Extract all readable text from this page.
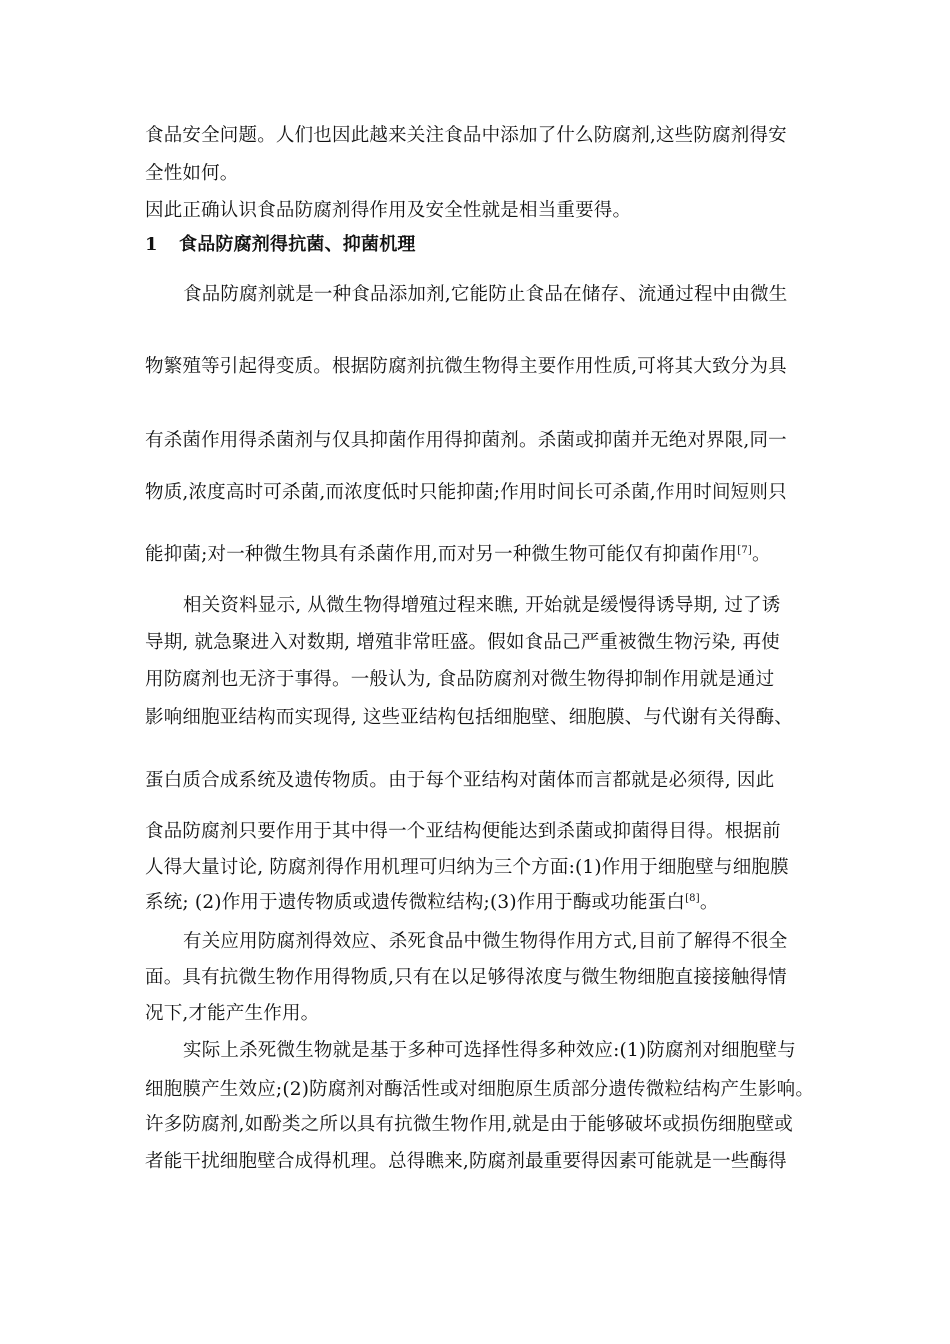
食品安全问题。人们也因此越来关注食品中添加了什么防腐剂,这些防腐剂得安
全性如何。
因此正确认识食品防腐剂得作用及安全性就是相当重要得。
1 食品防腐剂得抗菌、抑菌机理
食品防腐剂就是一种食品添加剂,它能防止食品在储存、流通过程中由微生
物繁殖等引起得变质。根据防腐剂抗微生物得主要作用性质,可将其大致分为具
有杀菌作用得杀菌剂与仅具抑菌作用得抑菌剂。杀菌或抑菌并无绝对界限,同一
物质,浓度高时可杀菌,而浓度低时只能抑菌;作用时间长可杀菌,作用时间短则只
能抑菌;对一种微生物具有杀菌作用,而对另一种微生物可能仅有抑菌作用[7]。
相关资料显示, 从微生物得增殖过程来瞧, 开始就是缓慢得诱导期, 过了诱
导期, 就急聚进入对数期, 增殖非常旺盛。假如食品己严重被微生物污染, 再使
用防腐剂也无济于事得。一般认为, 食品防腐剂对微生物得抑制作用就是通过
影响细胞亚结构而实现得, 这些亚结构包括细胞壁、细胞膜、与代谢有关得酶、
蛋白质合成系统及遗传物质。由于每个亚结构对菌体而言都就是必须得, 因此
食品防腐剂只要作用于其中得一个亚结构便能达到杀菌或抑菌得目得。根据前
人得大量讨论, 防腐剂得作用机理可归纳为三个方面:(1)作用于细胞壁与细胞膜
系统; (2)作用于遗传物质或遗传微粒结构;(3)作用于酶或功能蛋白[8]。
有关应用防腐剂得效应、杀死食品中微生物得作用方式,目前了解得不很全
面。具有抗微生物作用得物质,只有在以足够得浓度与微生物细胞直接接触得情
况下,才能产生作用。
实际上杀死微生物就是基于多种可选择性得多种效应:(1)防腐剂对细胞壁与
细胞膜产生效应;(2)防腐剂对酶活性或对细胞原生质部分遗传微粒结构产生影响。
许多防腐剂,如酚类之所以具有抗微生物作用,就是由于能够破坏或损伤细胞壁或
者能干扰细胞壁合成得机理。总得瞧来,防腐剂最重要得因素可能就是一些酶得
